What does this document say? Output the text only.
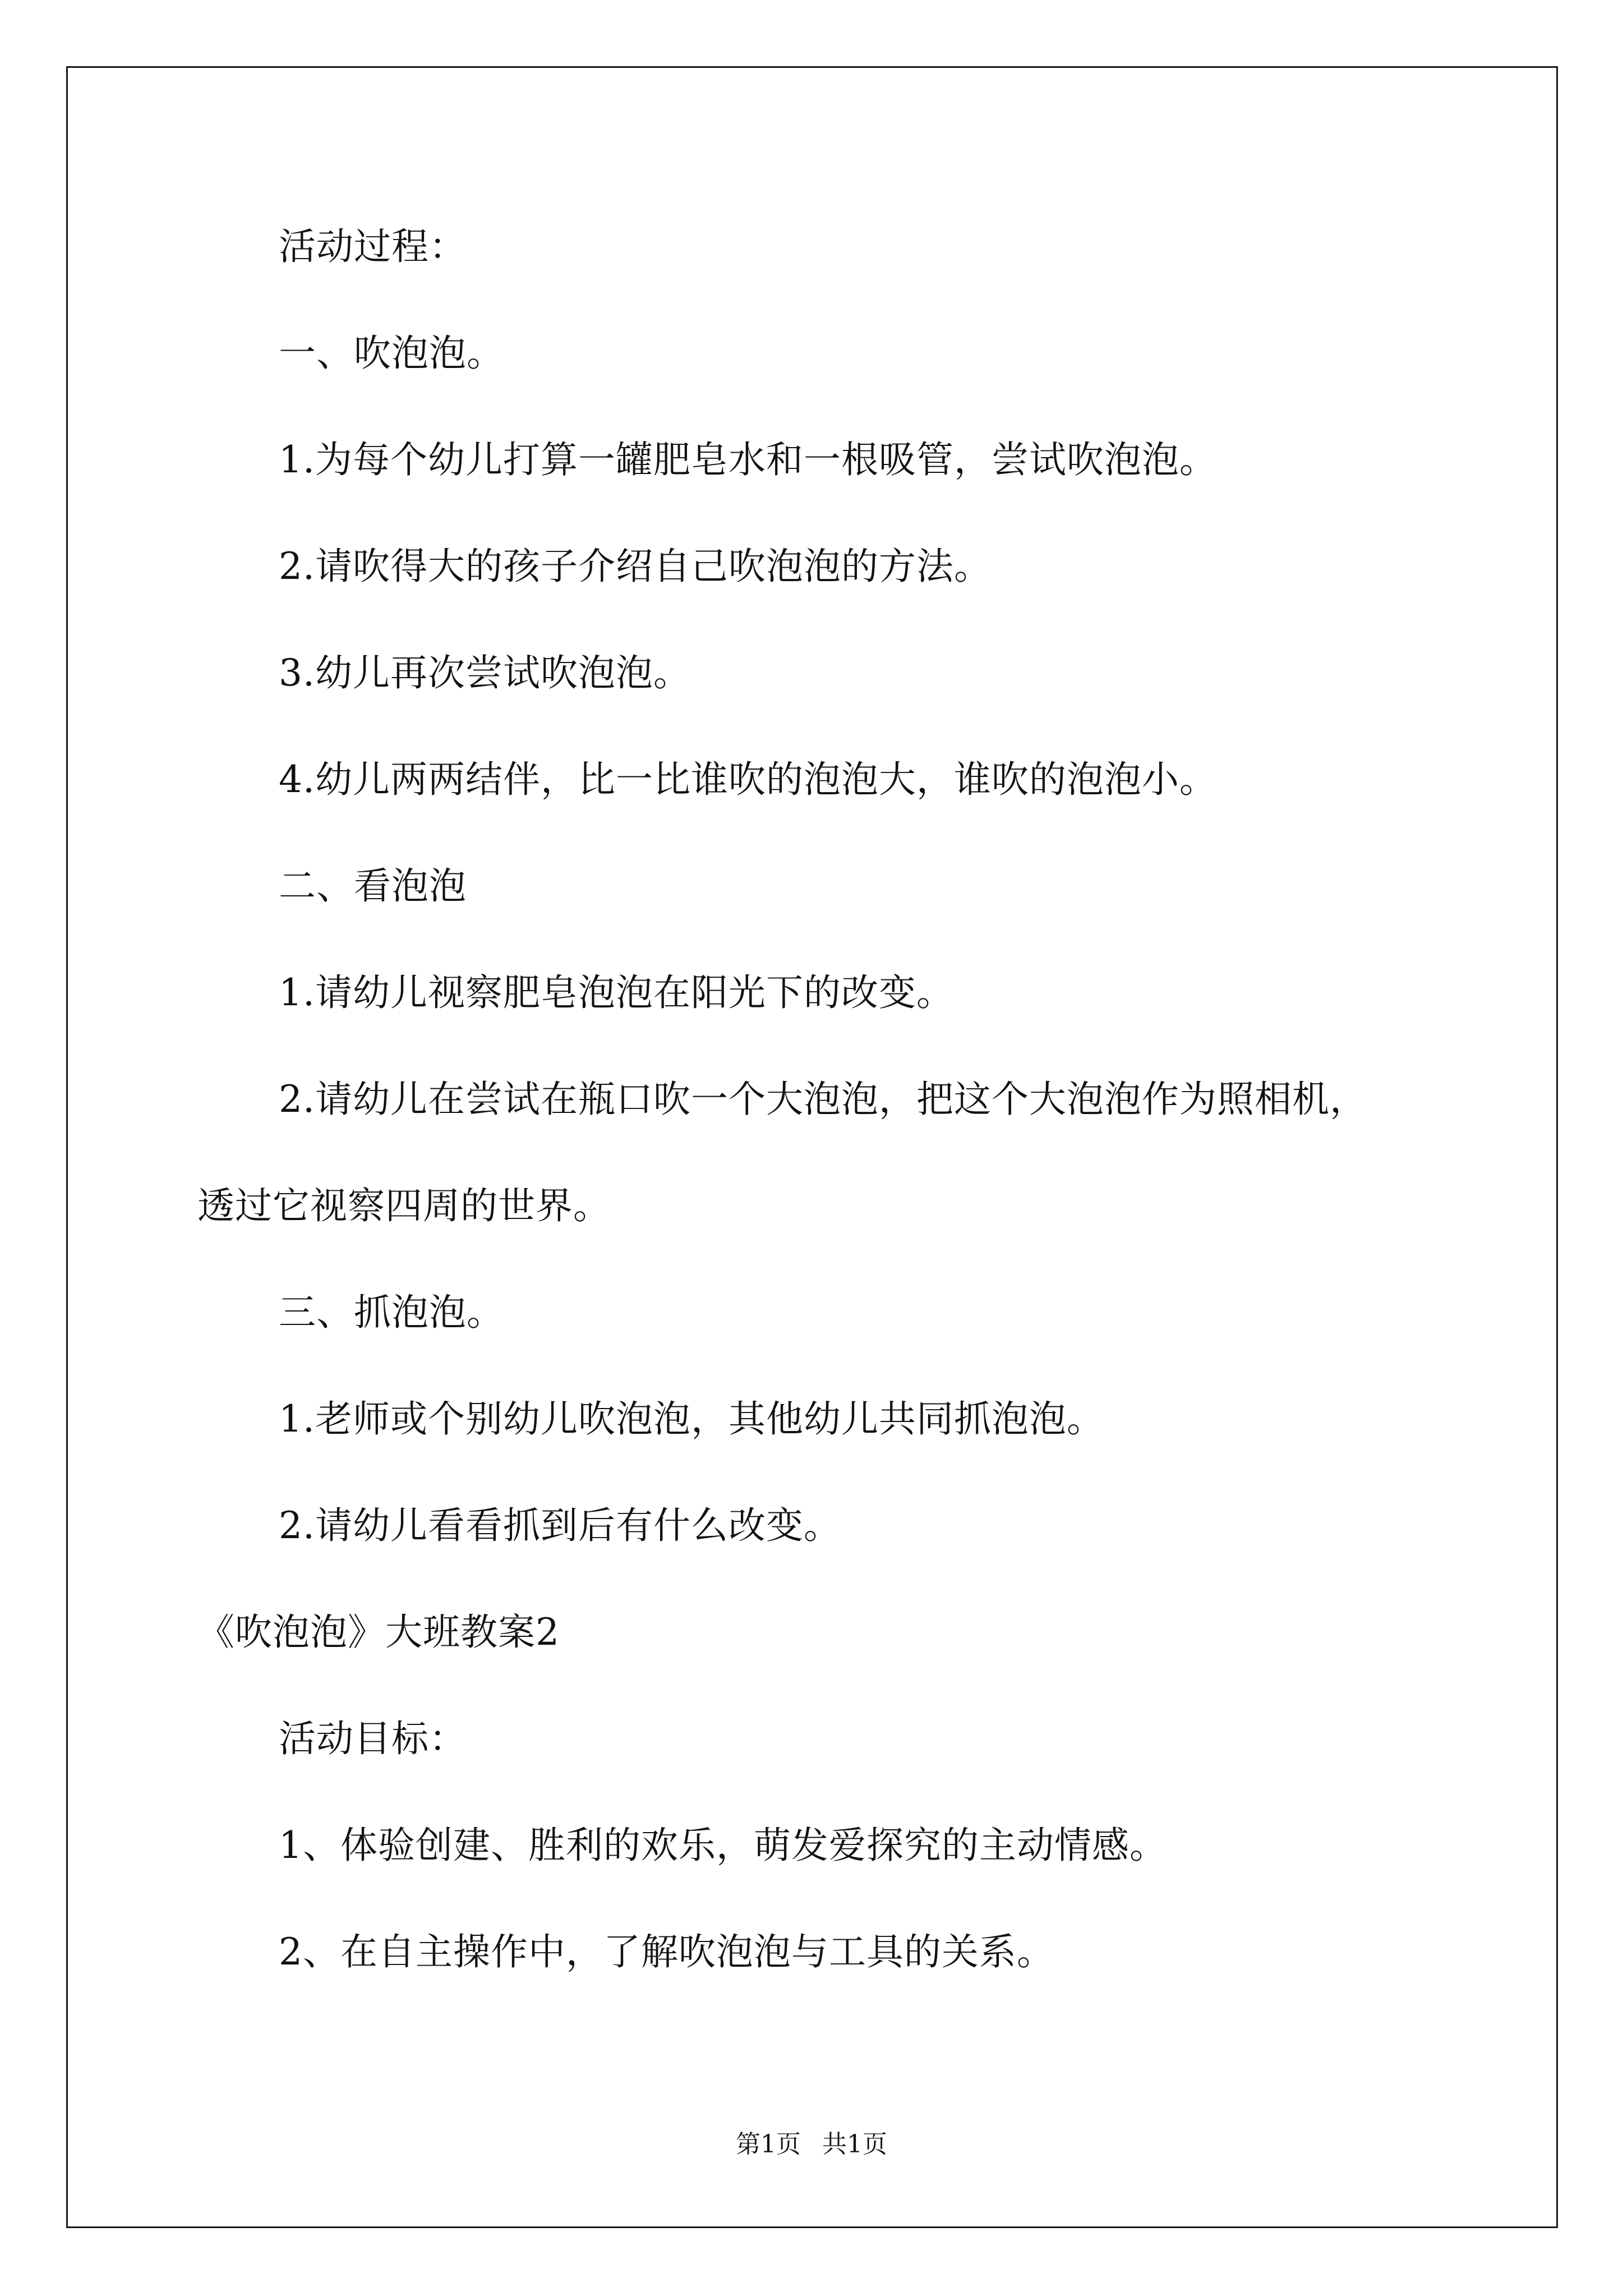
活动过程：
一、吹泡泡。
1.为每个幼儿打算一罐肥皂水和一根吸管，尝试吹泡泡。
2.请吹得大的孩子介绍自己吹泡泡的方法。
3.幼儿再次尝试吹泡泡。
4.幼儿两两结伴，比一比谁吹的泡泡大，谁吹的泡泡小。
二、看泡泡
1.请幼儿视察肥皂泡泡在阳光下的改变。
2.请幼儿在尝试在瓶口吹一个大泡泡，把这个大泡泡作为照相机，
透过它视察四周的世界。
三、抓泡泡。
1.老师或个别幼儿吹泡泡，其他幼儿共同抓泡泡。
2.请幼儿看看抓到后有什么改变。
《吹泡泡》大班教案2
活动目标：
1、体验创建、胜利的欢乐，萌发爱探究的主动情感。
2、在自主操作中，了解吹泡泡与工具的关系。
第1页 共1页
